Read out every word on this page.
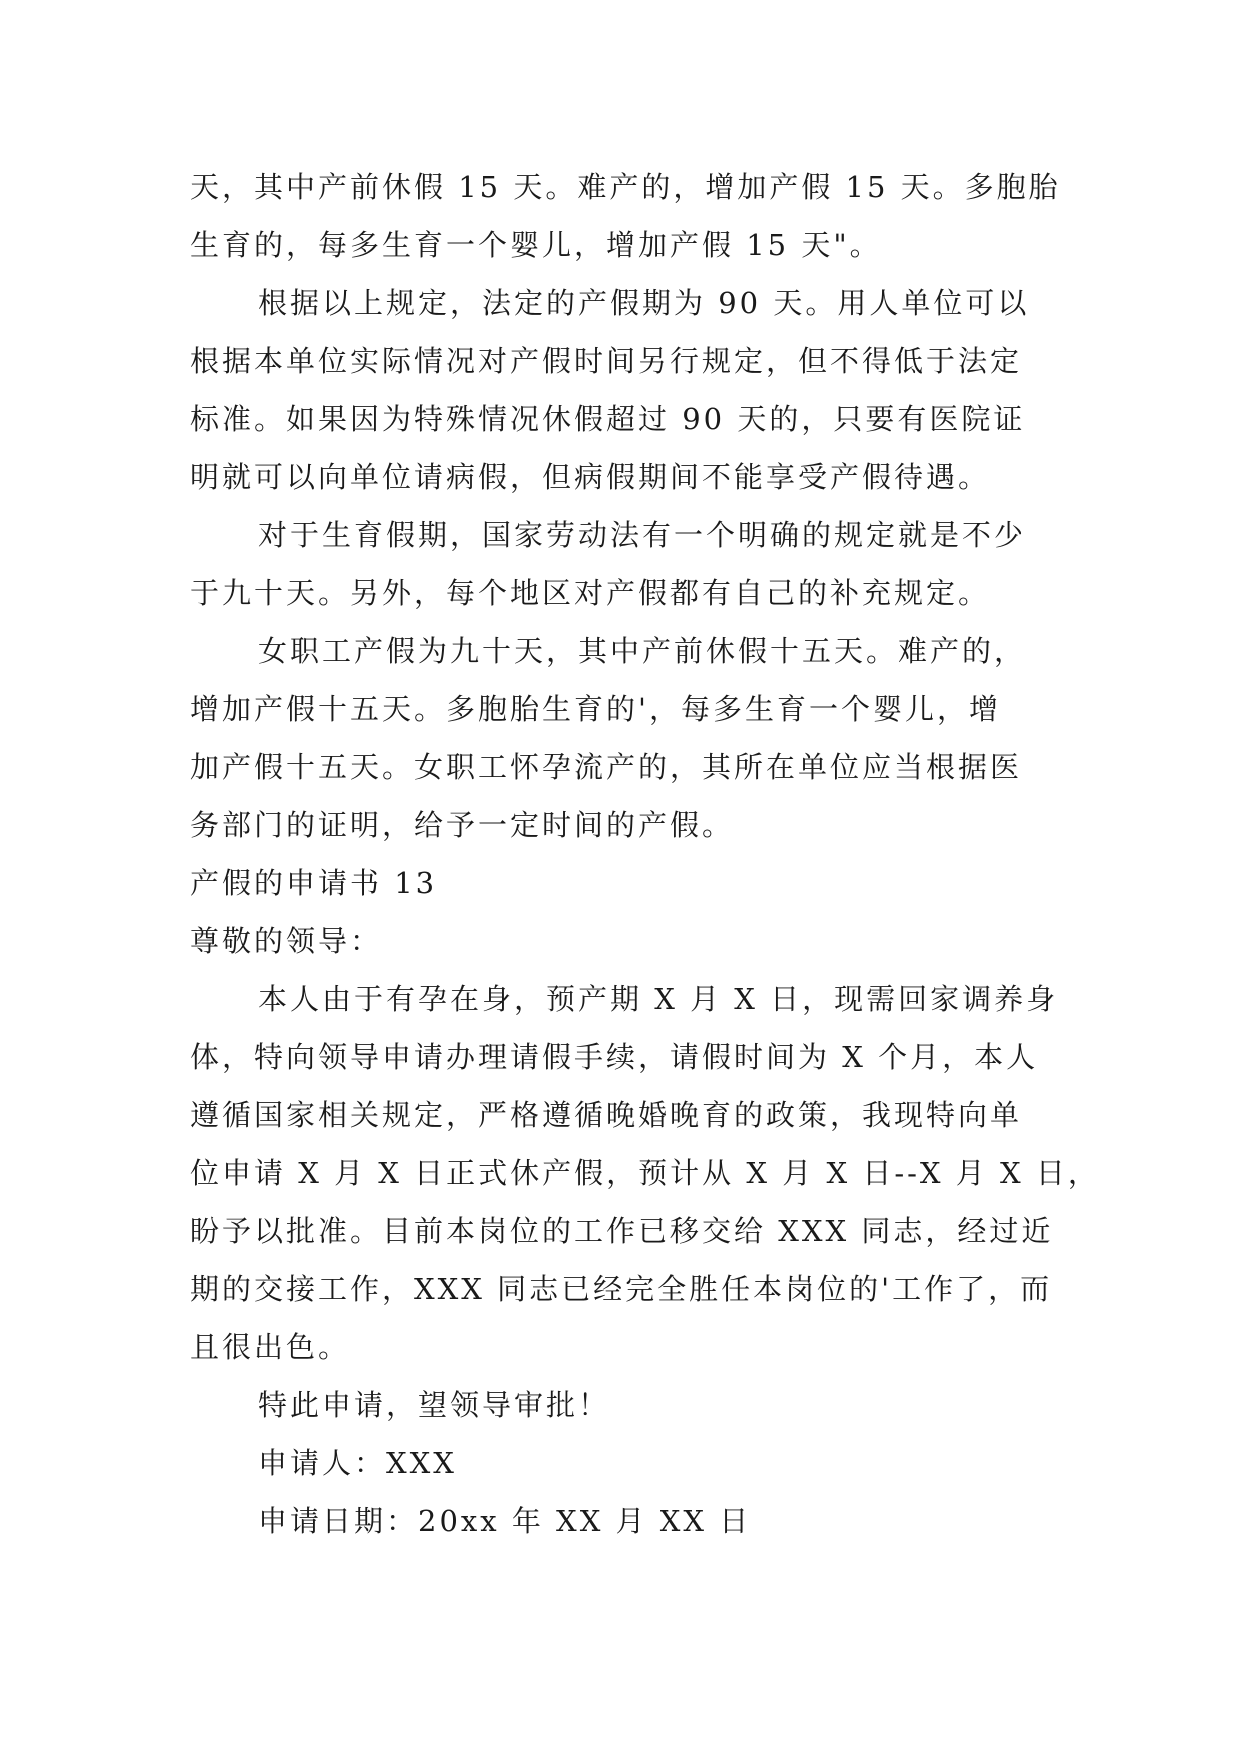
天，其中产前休假 15 天。难产的，增加产假 15 天。多胞胎
生育的，每多生育一个婴儿，增加产假 15 天"。
根据以上规定，法定的产假期为 90 天。用人单位可以
根据本单位实际情况对产假时间另行规定，但不得低于法定
标准。如果因为特殊情况休假超过 90 天的，只要有医院证
明就可以向单位请病假，但病假期间不能享受产假待遇。
对于生育假期，国家劳动法有一个明确的规定就是不少
于九十天。另外，每个地区对产假都有自己的补充规定。
女职工产假为九十天，其中产前休假十五天。难产的，
增加产假十五天。多胞胎生育的'，每多生育一个婴儿，增
加产假十五天。女职工怀孕流产的，其所在单位应当根据医
务部门的证明，给予一定时间的产假。
产假的申请书 13
尊敬的领导：
本人由于有孕在身，预产期 X 月 X 日，现需回家调养身
体，特向领导申请办理请假手续，请假时间为 X 个月，本人
遵循国家相关规定，严格遵循晚婚晚育的政策，我现特向单
位申请 X 月 X 日正式休产假，预计从 X 月 X 日--X 月 X 日，
盼予以批准。目前本岗位的工作已移交给 XXX 同志，经过近
期的交接工作，XXX 同志已经完全胜任本岗位的'工作了，而
且很出色。
特此申请，望领导审批！
申请人：XXX
申请日期：20xx 年 XX 月 XX 日
